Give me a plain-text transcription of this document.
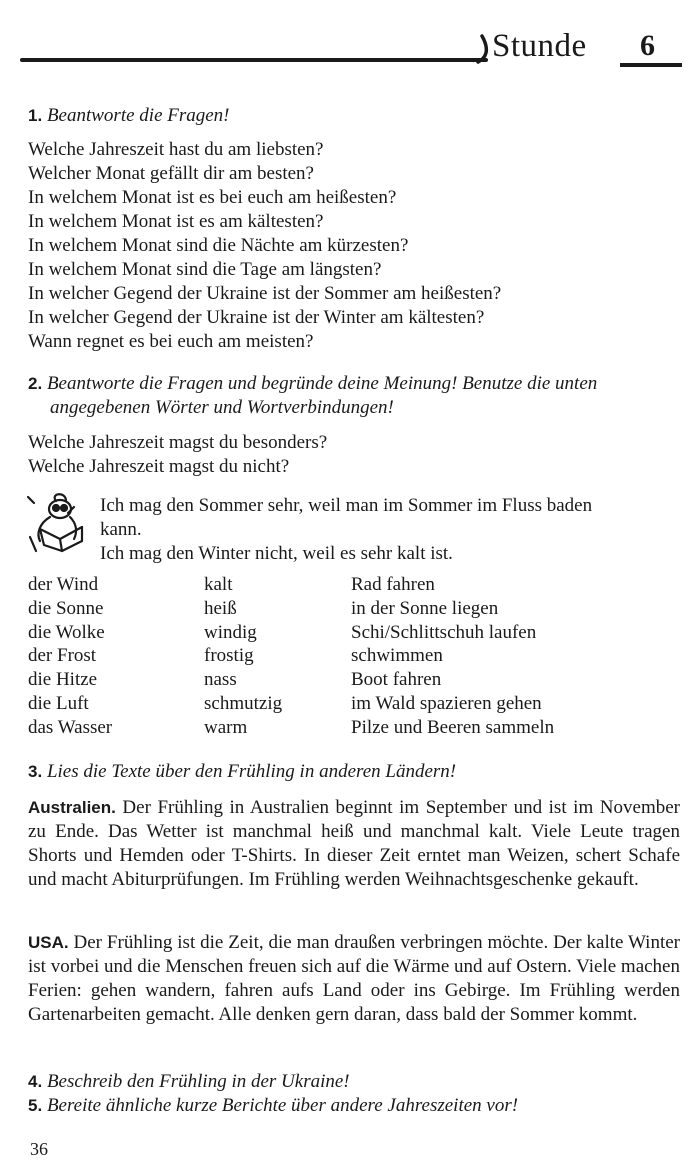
Stunde 6
1. Beantworte die Fragen!
Welche Jahreszeit hast du am liebsten?
Welcher Monat gefällt dir am besten?
In welchem Monat ist es bei euch am heißesten?
In welchem Monat ist es am kältesten?
In welchem Monat sind die Nächte am kürzesten?
In welchem Monat sind die Tage am längsten?
In welcher Gegend der Ukraine ist der Sommer am heißesten?
In welcher Gegend der Ukraine ist der Winter am kältesten?
Wann regnet es bei euch am meisten?
2. Beantworte die Fragen und begründe deine Meinung! Benutze die unten
angegebenen Wörter und Wortverbindungen!
Welche Jahreszeit magst du besonders?
Welche Jahreszeit magst du nicht?
Ich mag den Sommer sehr, weil man im Sommer im Fluss baden
kann.
Ich mag den Winter nicht, weil es sehr kalt ist.
der Wind
die Sonne
die Wolke
der Frost
die Hitze
die Luft
das Wasser
kalt
heiß
windig
frostig
nass
schmutzig
warm
Rad fahren
in der Sonne liegen
Schi/Schlittschuh laufen
schwimmen
Boot fahren
im Wald spazieren gehen
Pilze und Beeren sammeln
3. Lies die Texte über den Frühling in anderen Ländern!
Australien. Der Frühling in Australien beginnt im September und ist im November zu Ende. Das Wetter ist manchmal heiß und manchmal kalt. Viele Leute tragen Shorts und Hemden oder T-Shirts. In dieser Zeit erntet man Weizen, schert Schafe und macht Abiturprüfungen. Im Frühling werden Weihnachtsgeschenke gekauft.
USA. Der Frühling ist die Zeit, die man draußen verbringen möchte. Der kalte Winter ist vorbei und die Menschen freuen sich auf die Wärme und auf Ostern. Viele machen Ferien: gehen wandern, fahren aufs Land oder ins Gebirge. Im Frühling werden Gartenarbeiten gemacht. Alle denken gern daran, dass bald der Sommer kommt.
4. Beschreib den Frühling in der Ukraine!
5. Bereite ähnliche kurze Berichte über andere Jahreszeiten vor!
36
